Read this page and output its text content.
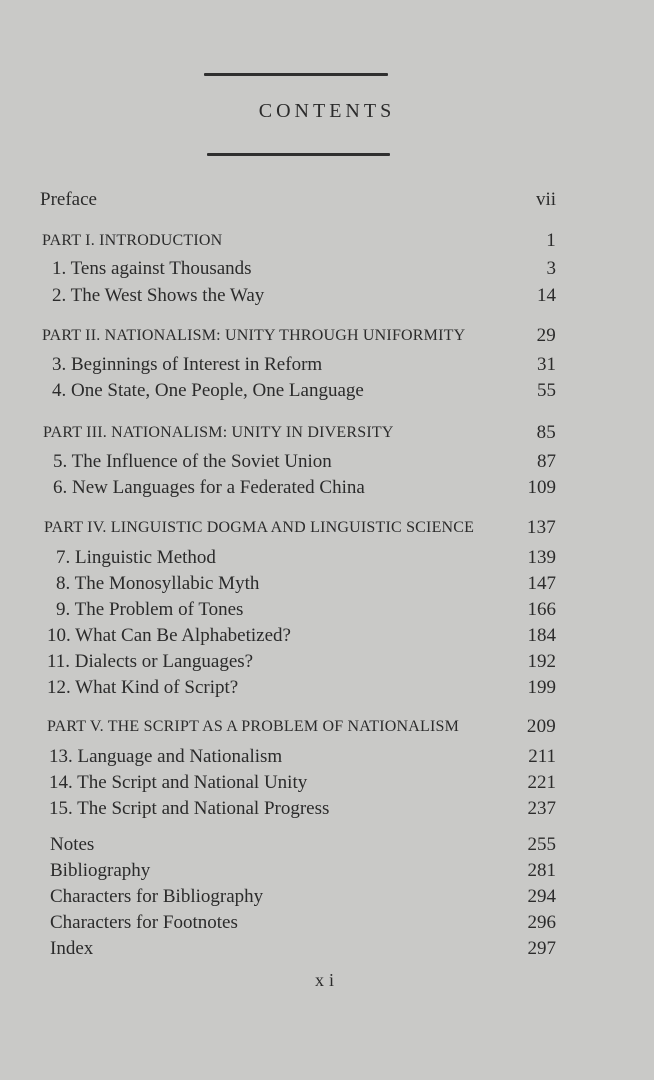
CONTENTS
Preface	vii
PART I. INTRODUCTION	1
1. Tens against Thousands	3
2. The West Shows the Way	14
PART II. NATIONALISM: UNITY THROUGH UNIFORMITY	29
3. Beginnings of Interest in Reform	31
4. One State, One People, One Language	55
PART III. NATIONALISM: UNITY IN DIVERSITY	85
5. The Influence of the Soviet Union	87
6. New Languages for a Federated China	109
PART IV. LINGUISTIC DOGMA AND LINGUISTIC SCIENCE	137
7. Linguistic Method	139
8. The Monosyllabic Myth	147
9. The Problem of Tones	166
10. What Can Be Alphabetized?	184
11. Dialects or Languages?	192
12. What Kind of Script?	199
PART V. THE SCRIPT AS A PROBLEM OF NATIONALISM	209
13. Language and Nationalism	211
14. The Script and National Unity	221
15. The Script and National Progress	237
Notes	255
Bibliography	281
Characters for Bibliography	294
Characters for Footnotes	296
Index	297
xi
